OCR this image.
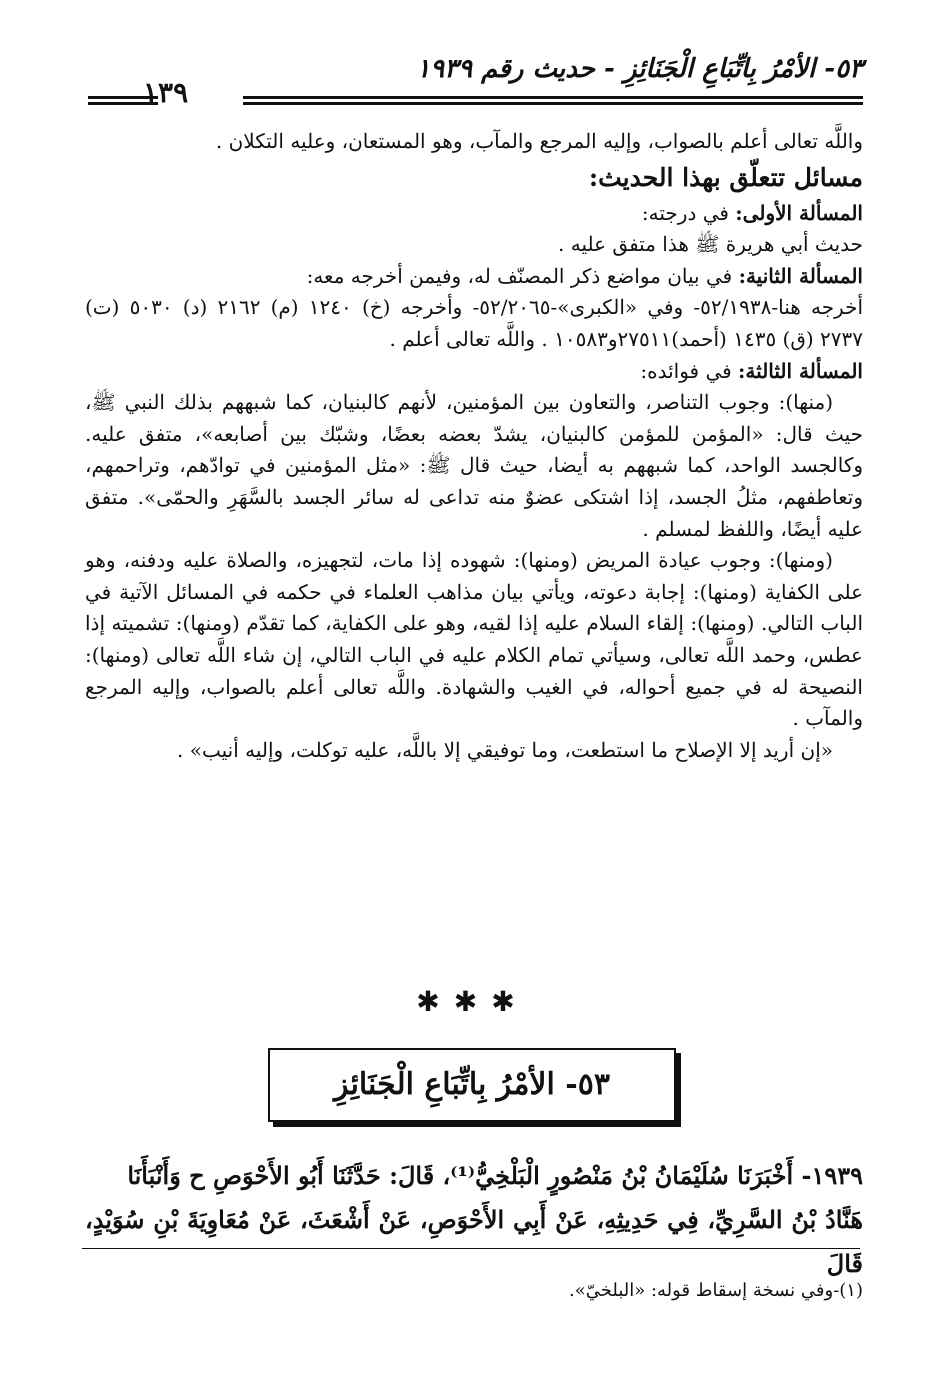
٥٣- الأمْرُ بِاتِّبَاعِ الْجَنَائِزِ - حديث رقم ١٩٣٩
١٣٩

واللَّه تعالى أعلم بالصواب، وإليه المرجع والمآب، وهو المستعان، وعليه التكلان .

مسائل تتعلّق بهذا الحديث:

المسألة الأولى: في درجته:

حديث أبي هريرة ﷺ هذا متفق عليه .

المسألة الثانية: في بيان مواضع ذكر المصنّف له، وفيمن أخرجه معه:

أخرجه هنا-٥٢/١٩٣٨- وفي «الكبرى»-٥٢/٢٠٦٥- وأخرجه (خ) ١٢٤٠ (م) ٢١٦٢ (د) ٥٠٣٠ (ت) ٢٧٣٧ (ق) ١٤٣٥ (أحمد)٢٧٥١١و١٠٥٨٣ . واللَّه تعالى أعلم .

المسألة الثالثة: في فوائده:

(منها): وجوب التناصر، والتعاون بين المؤمنين، لأنهم كالبنيان، كما شبههم بذلك النبي ﷺ، حيث قال: «المؤمن للمؤمن كالبنيان، يشدّ بعضه بعضًا، وشبّك بين أصابعه»، متفق عليه. وكالجسد الواحد، كما شبههم به أيضا، حيث قال ﷺ: «مثل المؤمنين في توادّهم، وتراحمهم، وتعاطفهم، مثلُ الجسد، إذا اشتكى عضوٌ منه تداعى له سائر الجسد بالسَّهَرِ والحمّى». متفق عليه أيضًا، واللفظ لمسلم .

(ومنها): وجوب عيادة المريض (ومنها): شهوده إذا مات، لتجهيزه، والصلاة عليه ودفنه، وهو على الكفاية (ومنها): إجابة دعوته، ويأتي بيان مذاهب العلماء في حكمه في المسائل الآتية في الباب التالي. (ومنها): إلقاء السلام عليه إذا لقيه، وهو على الكفاية، كما تقدّم (ومنها): تشميته إذا عطس، وحمد اللَّه تعالى، وسيأتي تمام الكلام عليه في الباب التالي، إن شاء اللَّه تعالى (ومنها): النصيحة له في جميع أحواله، في الغيب والشهادة. واللَّه تعالى أعلم بالصواب، وإليه المرجع والمآب .

«إن أريد إلا الإصلاح ما استطعت، وما توفيقي إلا باللَّه، عليه توكلت، وإليه أنيب» .

✱✱✱
٥٣- الأمْرُ بِاتِّبَاعِ الْجَنَائِزِ

١٩٣٩- أَخْبَرَنَا سُلَيْمَانُ بْنُ مَنْصُورٍ الْبَلْخِيُّ⁽¹⁾، قَالَ: حَدَّثَنَا أَبُو الأَحْوَصِ ح وَأَنْبَأَنَا

هَنَّادُ بْنُ السَّرِيِّ، فِي حَدِيثِهِ، عَنْ أَبِي الأَحْوَصِ، عَنْ أَشْعَثَ، عَنْ مُعَاوِيَةَ بْنِ سُوَيْدٍ، قَالَ

(١)-وفي نسخة إسقاط قوله: «البلخيّ».
